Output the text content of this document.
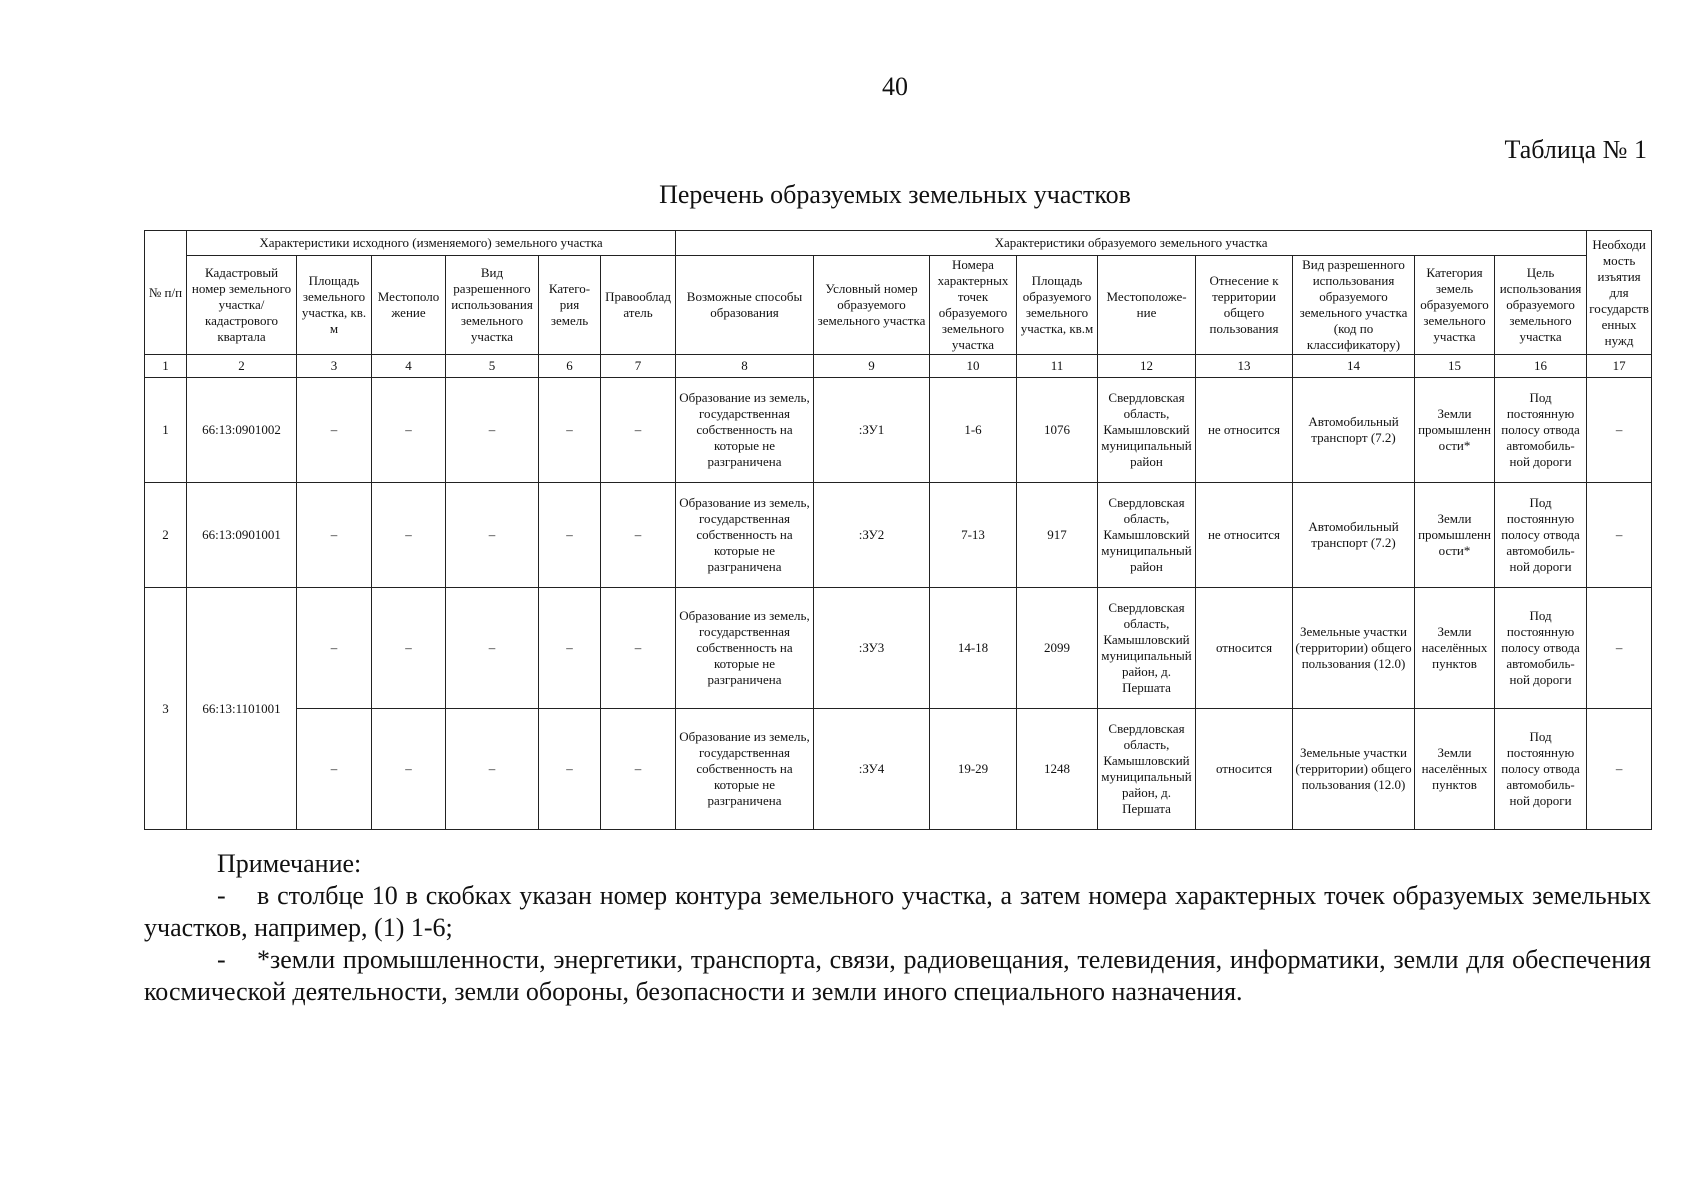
40
Таблица № 1
Перечень образуемых земельных участков
№ п/п	Характеристики исходного (изменяемого) земельного участка						Характеристики образуемого земельного участка									Необходимость изъятия для государственных нужд
	Кадастровый номер земельного участка/ кадастрового квартала	Площадь земельного участка, кв. м	Местоположение	Вид разрешенного использования земельного участка	Катего-рия земель	Правообладатель	Возможные способы образования	Условный номер образуемого земельного участка	Номера характерных точек образуемого земельного участка	Площадь образуемого земельного участка, кв.м	Местоположе-ние	Отнесение к территории общего пользования	Вид разрешенного использования образуемого земельного участка (код по классификатору)	Категория земель образуемого земельного участка	Цель использования образуемого земельного участка	
1	2	3	4	5	6	7	8	9	10	11	12	13	14	15	16	17
1	66:13:0901002	–	–	–	–	–	Образование из земель, государственная собственность на которые не разграничена	:ЗУ1	1-6	1076	Свердловская область, Камышловский муниципальный район	не относится	Автомобильный транспорт (7.2)	Земли промышленности*	Под постоянную полосу отвода автомобиль-ной дороги	–
2	66:13:0901001	–	–	–	–	–	Образование из земель, государственная собственность на которые не разграничена	:ЗУ2	7-13	917	Свердловская область, Камышловский муниципальный район	не относится	Автомобильный транспорт (7.2)	Земли промышленности*	Под постоянную полосу отвода автомобиль-ной дороги	–
3	66:13:1101001	–	–	–	–	–	Образование из земель, государственная собственность на которые не разграничена	:ЗУ3	14-18	2099	Свердловская область, Камышловский муниципальный район, д. Першата	относится	Земельные участки (территории) общего пользования (12.0)	Земли населённых пунктов	Под постоянную полосу отвода автомобиль-ной дороги	–
		–	–	–	–	–	Образование из земель, государственная собственность на которые не разграничена	:ЗУ4	19-29	1248	Свердловская область, Камышловский муниципальный район, д. Першата	относится	Земельные участки (территории) общего пользования (12.0)	Земли населённых пунктов	Под постоянную полосу отвода автомобиль-ной дороги	–
Примечание:
- в столбце 10 в скобках указан номер контура земельного участка, а затем номера характерных точек образуемых земельных участков, например, (1) 1-6;
- *земли промышленности, энергетики, транспорта, связи, радиовещания, телевидения, информатики, земли для обеспечения космической деятельности, земли обороны, безопасности и земли иного специального назначения.
